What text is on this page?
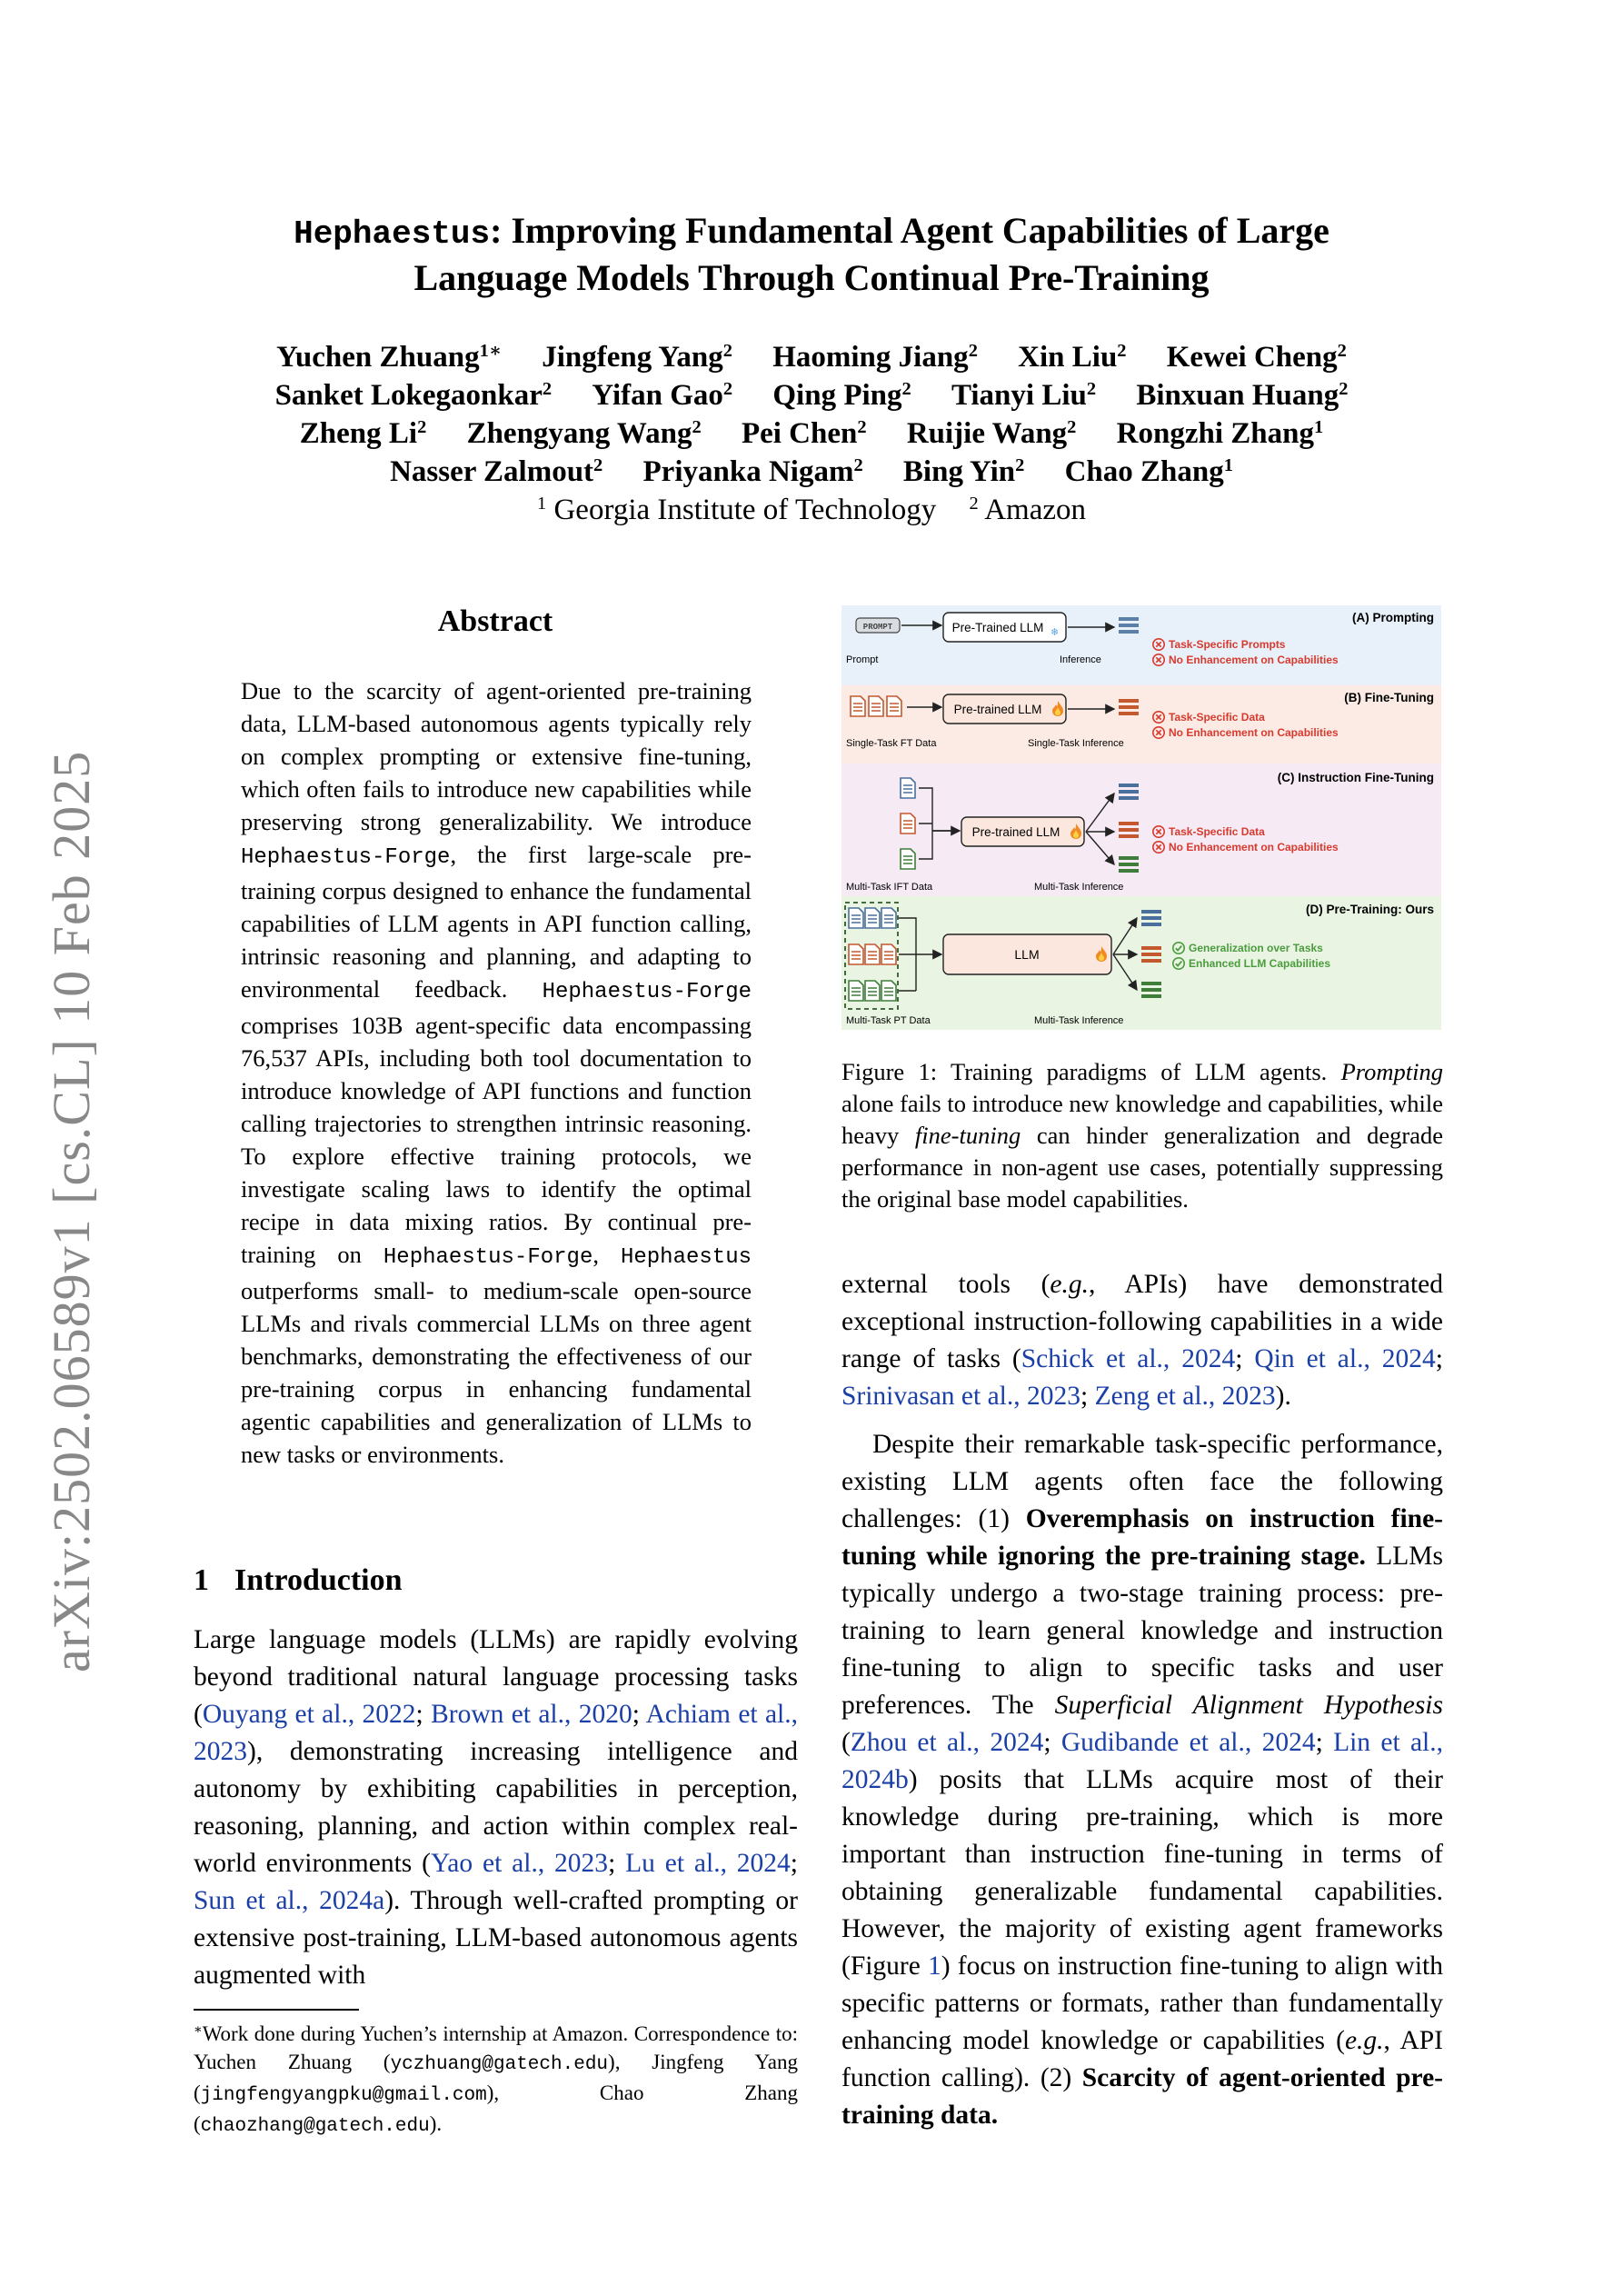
arXiv:2502.06589v1 [cs.CL] 10 Feb 2025
Hephaestus: Improving Fundamental Agent Capabilities of Large
Language Models Through Continual Pre-Training
Yuchen Zhuang$^{1∗}$ Jingfeng Yang$^2$ Haoming Jiang$^2$ Xin Liu$^2$ Kewei Cheng$^2$
Sanket Lokegaonkar$^2$ Yifan Gao$^2$ Qing Ping$^2$ Tianyi Liu$^2$ Binxuan Huang$^2$
Zheng Li$^2$ Zhengyang Wang$^2$ Pei Chen$^2$ Ruijie Wang$^2$ Rongzhi Zhang$^1$
Nasser Zalmout$^2$ Priyanka Nigam$^2$ Bing Yin$^2$ Chao Zhang$^1$
$^1$ Georgia Institute of Technology $^2$ Amazon
Abstract
Due to the scarcity of agent-oriented pre-training data, LLM-based autonomous agents typically rely on complex prompting or extensive fine-tuning, which often fails to introduce new capabilities while preserving strong generalizability. We introduce Hephaestus-Forge, the first large-scale pre-training corpus designed to enhance the fundamental capabilities of LLM agents in API function calling, intrinsic reasoning and planning, and adapting to environmental feedback. Hephaestus-Forge comprises 103B agent-specific data encompassing 76,537 APIs, including both tool documentation to introduce knowledge of API functions and function calling trajectories to strengthen intrinsic reasoning. To explore effective training protocols, we investigate scaling laws to identify the optimal recipe in data mixing ratios. By continual pre-training on Hephaestus-Forge, Hephaestus outperforms small- to medium-scale open-source LLMs and rivals commercial LLMs on three agent benchmarks, demonstrating the effectiveness of our pre-training corpus in enhancing fundamental agentic capabilities and generalization of LLMs to new tasks or environments.
1 Introduction
Large language models (LLMs) are rapidly evolving beyond traditional natural language processing tasks (Ouyang et al., 2022; Brown et al., 2020; Achiam et al., 2023), demonstrating increasing intelligence and autonomy by exhibiting capabilities in perception, reasoning, planning, and action within complex real-world environments (Yao et al., 2023; Lu et al., 2024; Sun et al., 2024a). Through well-crafted prompting or extensive post-training, LLM-based autonomous agents augmented with
∗Work done during Yuchen’s internship at Amazon. Correspondence to: Yuchen Zhuang (yczhuang@gatech.edu), Jingfeng Yang (jingfengyangpku@gmail.com), Chao Zhang (chaozhang@gatech.edu).
(A) Prompting
PROMPT	Pre-Trained LLM ❄
Prompt	Inference
Task-Specific Prompts
No Enhancement on Capabilities
(B) Fine-Tuning
Pre-trained LLM
Single-Task FT Data	Single-Task Inference
Task-Specific Data
No Enhancement on Capabilities
(C) Instruction Fine-Tuning
Pre-trained LLM
Multi-Task IFT Data	Multi-Task Inference
Task-Specific Data
No Enhancement on Capabilities
(D) Pre-Training: Ours
LLM
Multi-Task PT Data	Multi-Task Inference
Generalization over Tasks
Enhanced LLM Capabilities
Figure 1: Training paradigms of LLM agents. Prompting alone fails to introduce new knowledge and capabilities, while heavy fine-tuning can hinder generalization and degrade performance in non-agent use cases, potentially suppressing the original base model capabilities.

external tools (e.g., APIs) have demonstrated exceptional instruction-following capabilities in a wide range of tasks (Schick et al., 2024; Qin et al., 2024; Srinivasan et al., 2023; Zeng et al., 2023).

Despite their remarkable task-specific performance, existing LLM agents often face the following challenges: (1) Overemphasis on instruction fine-tuning while ignoring the pre-training stage. LLMs typically undergo a two-stage training process: pre-training to learn general knowledge and instruction fine-tuning to align to specific tasks and user preferences. The Superficial Alignment Hypothesis (Zhou et al., 2024; Gudibande et al., 2024; Lin et al., 2024b) posits that LLMs acquire most of their knowledge during pre-training, which is more important than instruction fine-tuning in terms of obtaining generalizable fundamental capabilities. However, the majority of existing agent frameworks (Figure 1) focus on instruction fine-tuning to align with specific patterns or formats, rather than fundamentally enhancing model knowledge or capabilities (e.g., API function calling). (2) Scarcity of agent-oriented pre-training data.
